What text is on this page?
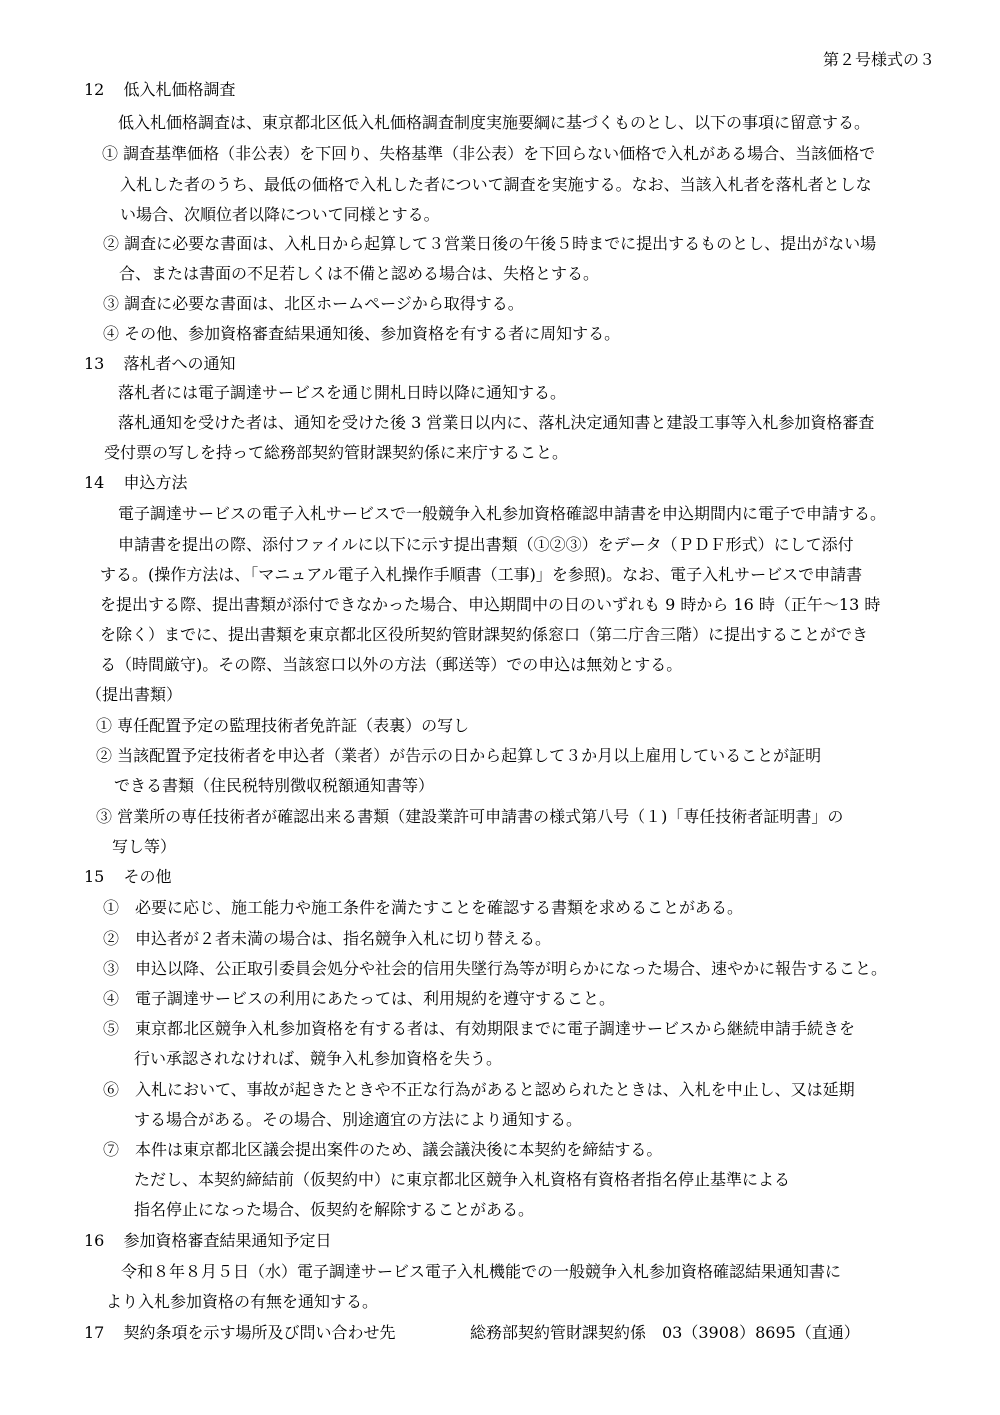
第２号様式の３
12 低入札価格調査
低入札価格調査は、東京都北区低入札価格調査制度実施要綱に基づくものとし、以下の事項に留意する。
① 調査基準価格（非公表）を下回り、失格基準（非公表）を下回らない価格で入札がある場合、当該価格で
入札した者のうち、最低の価格で入札した者について調査を実施する。なお、当該入札者を落札者としな
い場合、次順位者以降について同様とする。
② 調査に必要な書面は、入札日から起算して３営業日後の午後５時までに提出するものとし、提出がない場
合、または書面の不足若しくは不備と認める場合は、失格とする。
③ 調査に必要な書面は、北区ホームページから取得する。
④ その他、参加資格審査結果通知後、参加資格を有する者に周知する。
13 落札者への通知
落札者には電子調達サービスを通じ開札日時以降に通知する。
落札通知を受けた者は、通知を受けた後 3 営業日以内に、落札決定通知書と建設工事等入札参加資格審査
受付票の写しを持って総務部契約管財課契約係に来庁すること。
14 申込方法
電子調達サービスの電子入札サービスで一般競争入札参加資格確認申請書を申込期間内に電子で申請する。
申請書を提出の際、添付ファイルに以下に示す提出書類（①②③）をデータ（ＰＤＦ形式）にして添付
する。(操作方法は、「マニュアル電子入札操作手順書（工事)」を参照)。なお、電子入札サービスで申請書
を提出する際、提出書類が添付できなかった場合、申込期間中の日のいずれも 9 時から 16 時（正午～13 時
を除く）までに、提出書類を東京都北区役所契約管財課契約係窓口（第二庁舎三階）に提出することができ
る（時間厳守)。その際、当該窓口以外の方法（郵送等）での申込は無効とする。
（提出書類）
① 専任配置予定の監理技術者免許証（表裏）の写し
② 当該配置予定技術者を申込者（業者）が告示の日から起算して３か月以上雇用していることが証明
できる書類（住民税特別徴収税額通知書等）
③ 営業所の専任技術者が確認出来る書類（建設業許可申請書の様式第八号（１)「専任技術者証明書」の
写し等）
15 その他
①　必要に応じ、施工能力や施工条件を満たすことを確認する書類を求めることがある。
②　申込者が２者未満の場合は、指名競争入札に切り替える。
③　申込以降、公正取引委員会処分や社会的信用失墜行為等が明らかになった場合、速やかに報告すること。
④　電子調達サービスの利用にあたっては、利用規約を遵守すること。
⑤　東京都北区競争入札参加資格を有する者は、有効期限までに電子調達サービスから継続申請手続きを
行い承認されなければ、競争入札参加資格を失う。
⑥　入札において、事故が起きたときや不正な行為があると認められたときは、入札を中止し、又は延期
する場合がある。その場合、別途適宜の方法により通知する。
⑦　本件は東京都北区議会提出案件のため、議会議決後に本契約を締結する。
ただし、本契約締結前（仮契約中）に東京都北区競争入札資格有資格者指名停止基準による
指名停止になった場合、仮契約を解除することがある。
16 参加資格審査結果通知予定日
令和８年８月５日（水）電子調達サービス電子入札機能での一般競争入札参加資格確認結果通知書に
より入札参加資格の有無を通知する。
17 契約条項を示す場所及び問い合わせ先	総務部契約管財課契約係　03（3908）8695（直通）
